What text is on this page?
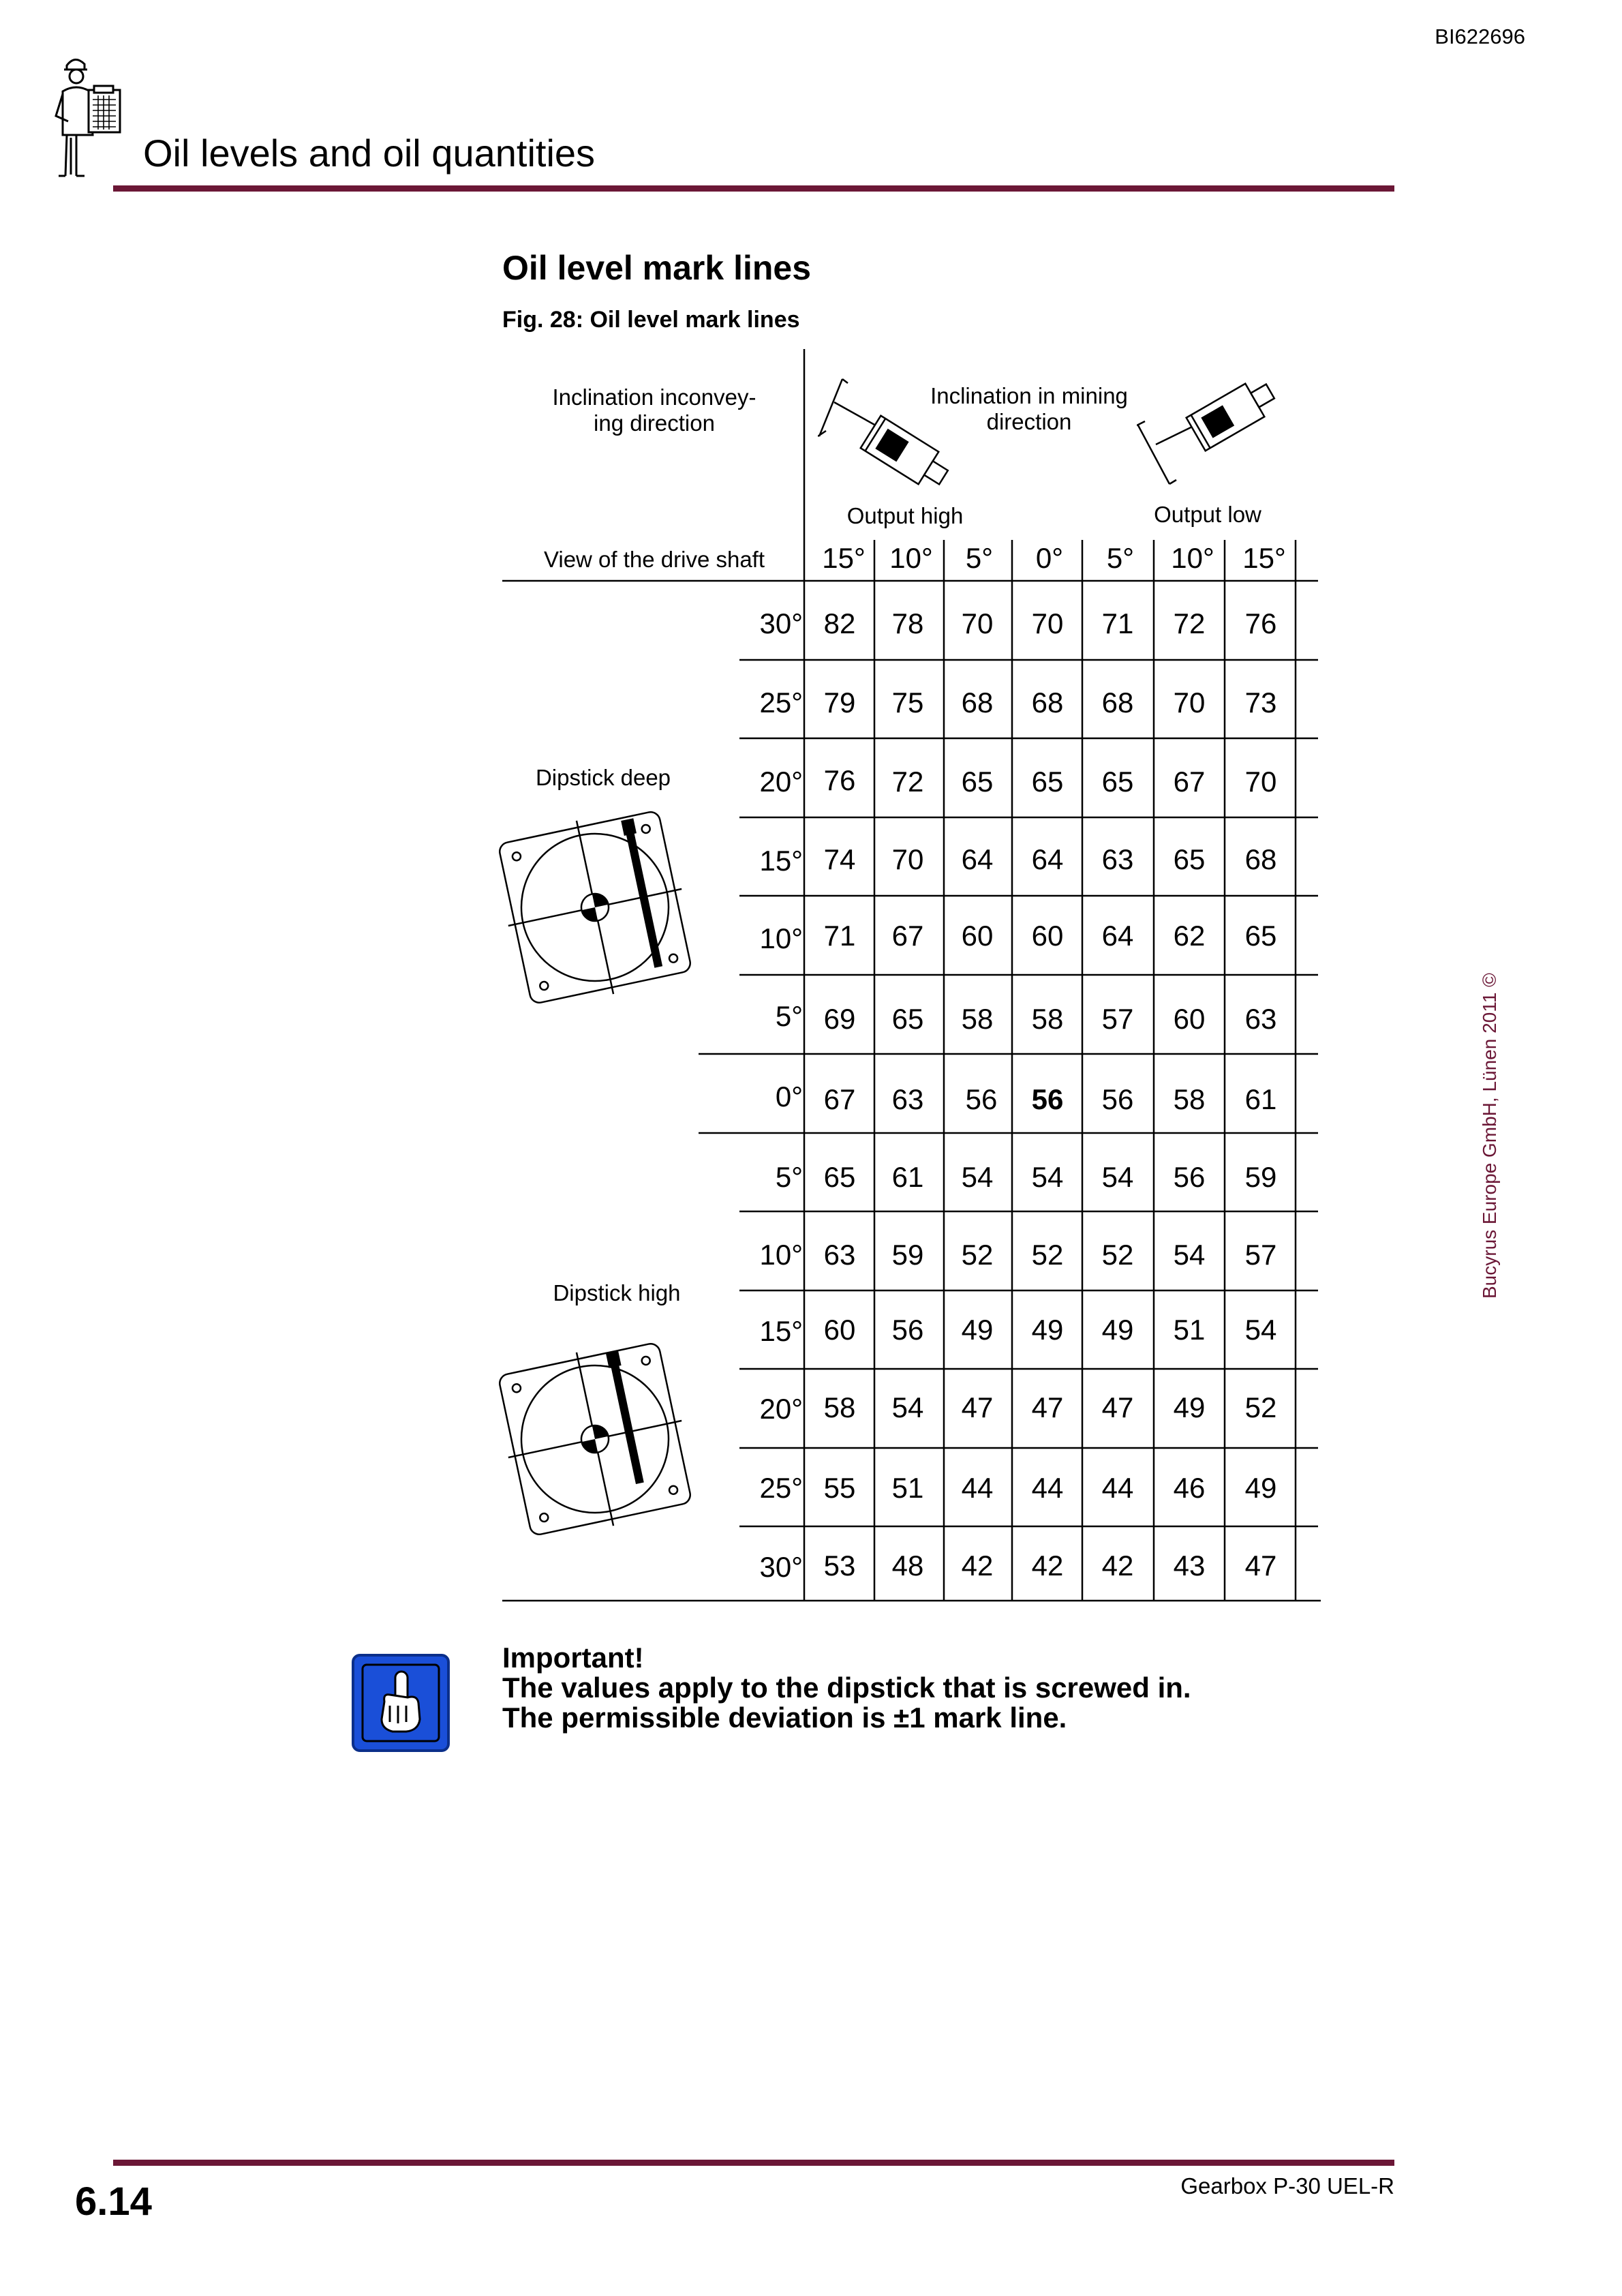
BI622696
Oil levels and oil quantities
Oil level mark lines
Fig. 28: Oil level mark lines
Inclination inconvey-
ing direction
Inclination in mining
direction
Output high	Output low
View of the drive shaft
Dipstick deep
Dipstick high
15° 10°	5°	0°	5°	10° 15°
30° 82	78	70	70	71	72	76
25° 79	75	68	68	68	70	73
20° 76	72	65	65	65	67	70
15° 74	70	64	64	63	65	68
10° 71	67	60	60	64	62	65
5° 69	65	58	58	57	60	63
0° 67	63	56	56	56	58	61
5° 65	61	54	54	54	56	59
10° 63	59	52	52	52	54	57
15° 60	56	49	49	49	51	54
20° 58	54	47	47	47	49	52
25° 55	51	44	44	44	46	49
30° 53	48	42	42	42	43	47
Important!
The values apply to the dipstick that is screwed in.
The permissible deviation is ±1 mark line.
Bucyrus Europe GmbH, Lünen 2011 ©
6.14	Gearbox P-30 UEL-R
